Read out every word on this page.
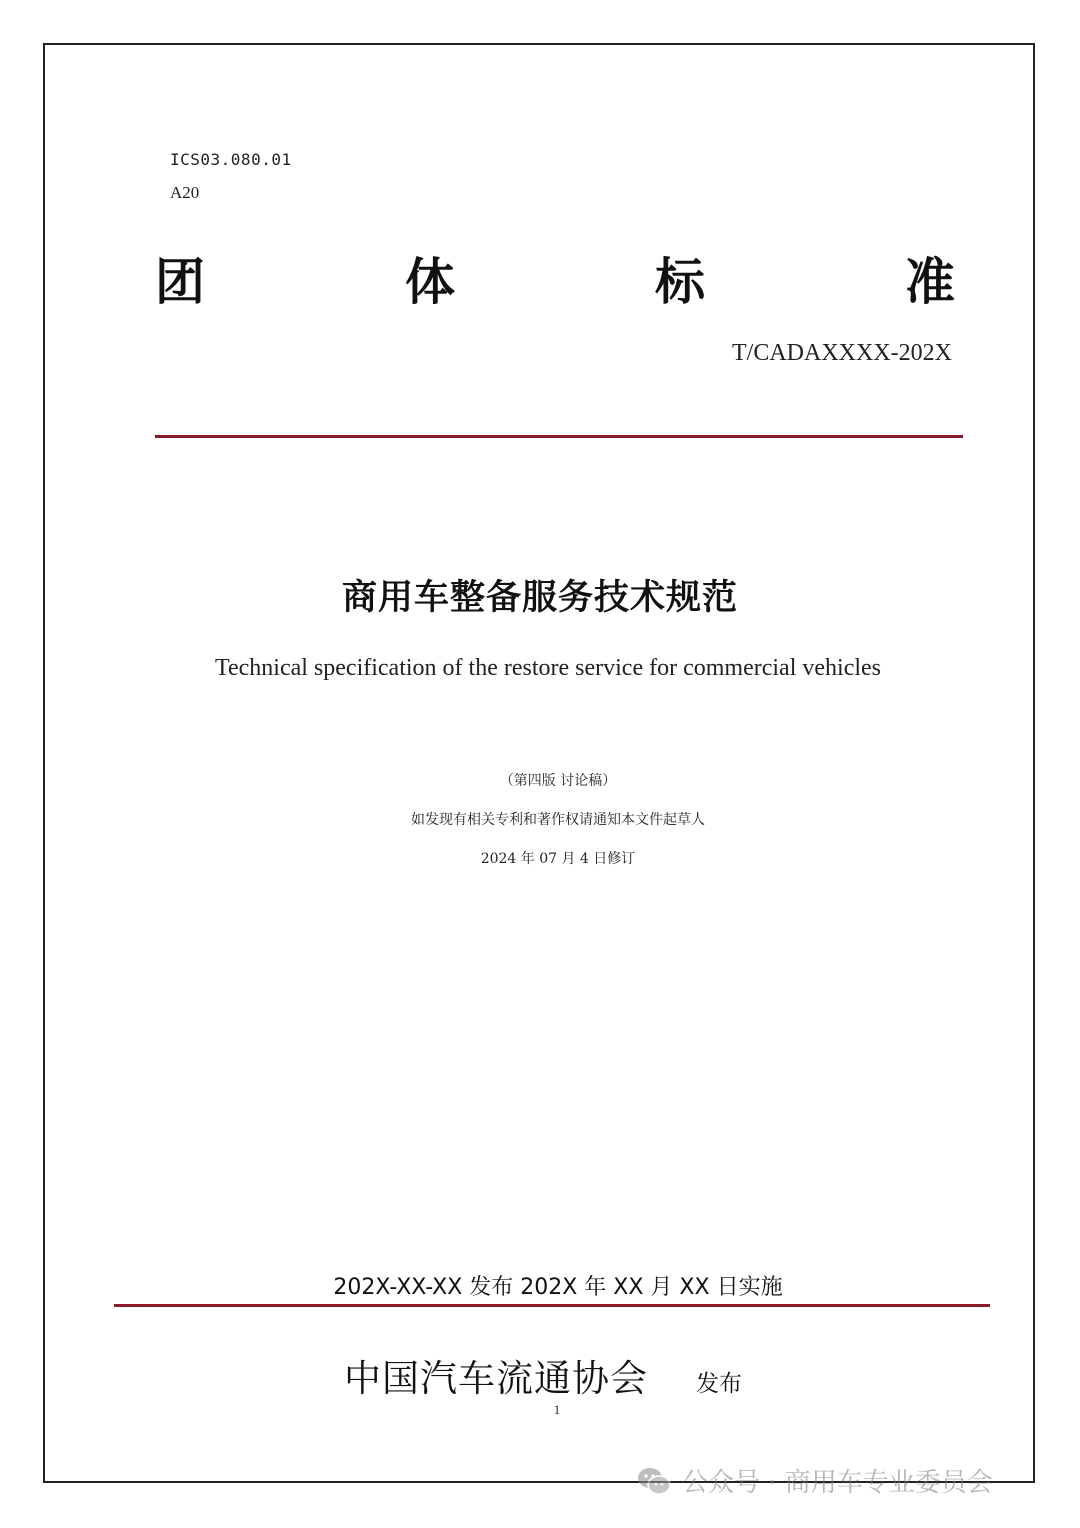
ICS03.080.01
A20
团	体	标	准
T/CADAXXXX-202X
商用车整备服务技术规范
Technical specification of the restore service for commercial vehicles
（第四版 讨论稿）
如发现有相关专利和著作权请通知本文件起草人
2024 年 07 月 4 日修订
202X-XX-XX 发布 202X 年 XX 月 XX 日实施
中国汽车流通协会 发布
1
公众号 · 商用车专业委员会
